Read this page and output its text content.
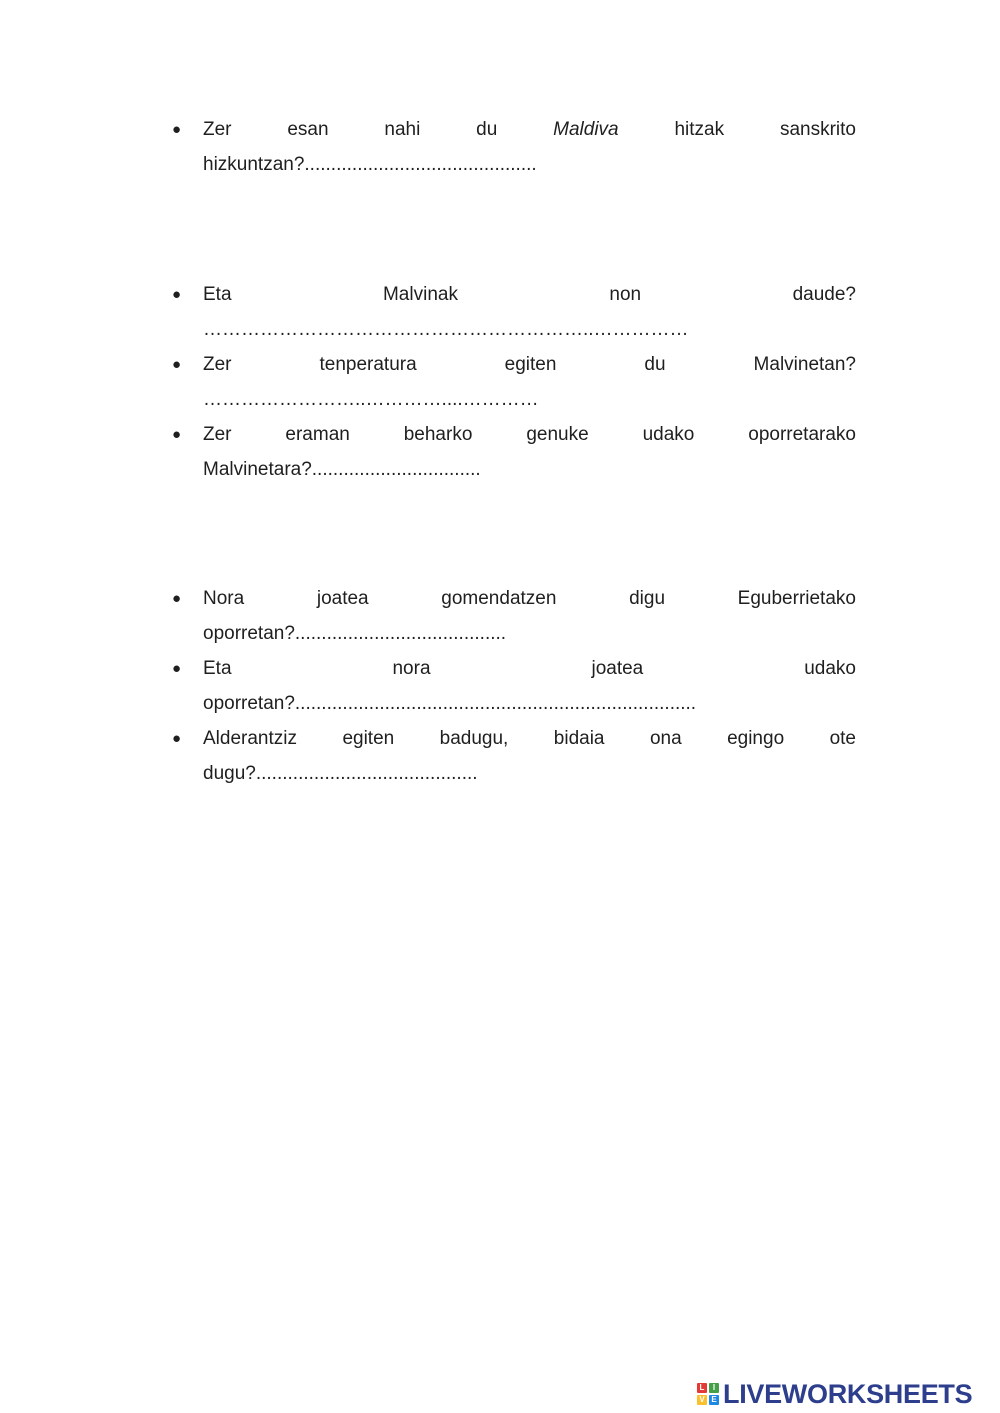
● Zer	esan	nahi	du	Maldiva	hitzak	sanskrito
hizkuntzan?............................................
● Eta	Malvinak	non	daude?
……………………………………………………..……………
● Zer	tenperatura	egiten	du	Malvinetan?
……………………..…………....…………
● Zer	eraman	beharko	genuke	udako	oporretarako
Malvinetara?................................
● Nora	joatea	gomendatzen	digu	Eguberrietako
oporretan?........................................
● Eta	nora	joatea	udako
oporretan?............................................................................
● Alderantziz egiten badugu, bidaia ona egingo ote
dugu?..........................................
L	I
V E LIVEWORKSHEETS
